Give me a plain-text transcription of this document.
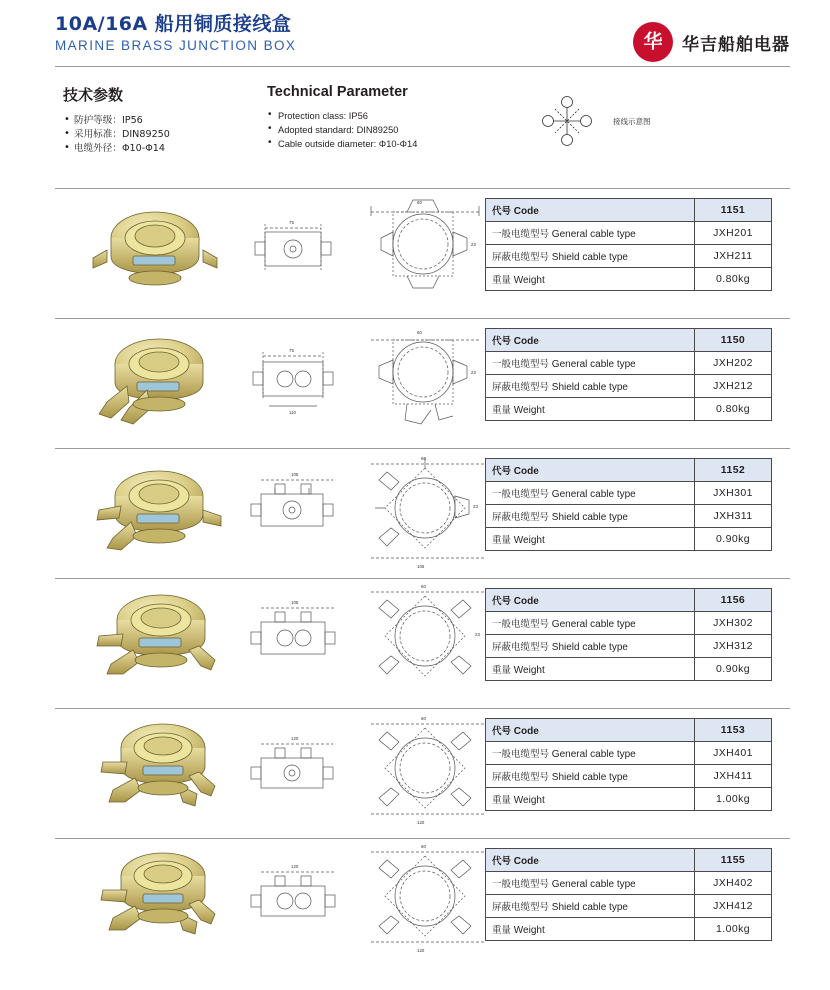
10A/16A 船用铜质接线盒
MARINE BRASS JUNCTION BOX	华	华吉船舶电器
技术参数
• 防护等级：IP56
• 采用标准：DIN89250
• 电缆外径：Φ10-Φ14
Technical Parameter
• Protection class: IP56
• Adopted standard: DIN89250
• Cable outside diameter: Φ10-Φ14
接线示意图
75
60
23
代号 Code	1151
一般电缆型号 General cable type	JXH201
屏蔽电缆型号 Shield cable type	JXH211
重量 Weight	0.80kg
75
110
60
23
代号 Code	1150
一般电缆型号 General cable type	JXH202
屏蔽电缆型号 Shield cable type	JXH212
重量 Weight	0.80kg
105
60
23
105
代号 Code	1152
一般电缆型号 General cable type	JXH301
屏蔽电缆型号 Shield cable type	JXH311
重量 Weight	0.90kg
105
60
23
代号 Code	1156
一般电缆型号 General cable type	JXH302
屏蔽电缆型号 Shield cable type	JXH312
重量 Weight	0.90kg
120
60
120
代号 Code	1153
一般电缆型号 General cable type	JXH401
屏蔽电缆型号 Shield cable type	JXH411
重量 Weight	1.00kg
120
60
120
代号 Code	1155
一般电缆型号 General cable type	JXH402
屏蔽电缆型号 Shield cable type	JXH412
重量 Weight	1.00kg
